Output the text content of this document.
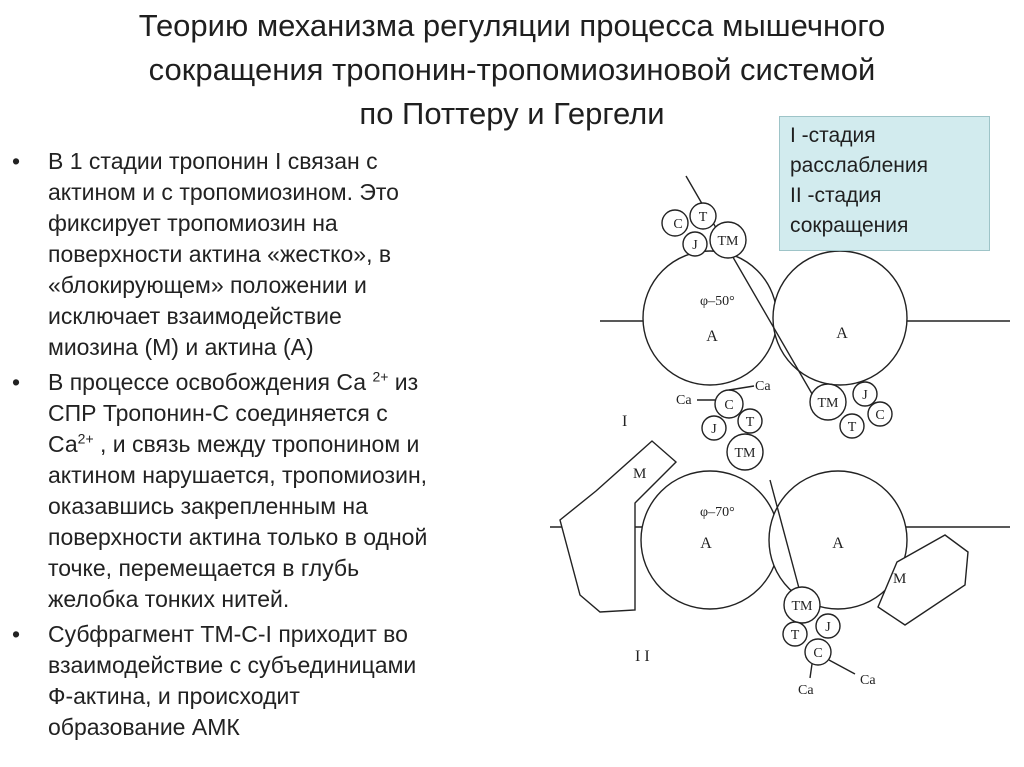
Теорию механизма регуляции процесса мышечного
сокращения тропонин-тропомиозиновой системой
по Поттеру и Гергели
• В 1 стадии тропонин I связан с
актином и с тропомиозином. Это
фиксирует тропомиозин на
поверхности актина «жестко», в
«блокирующем» положении и
исключает взаимодействие
миозина (М) и актина (А)
• В процессе освобождения Са $^{2+}$ из
СПР Тропонин-С соединяется с
$Са^{2+}$ , и связь между тропонином и
актином нарушается, тропомиозин,
оказавшись закрепленным на
поверхности актина только в одной
точке, перемещается в глубь
желобка тонких нитей.
• Субфрагмент ТМ-С-I приходит во
взаимодействие с субъединицами
Ф-актина, и происходит
образование АМК
C T
J TM
φ–50°
A	A
Ca
Ca C
J T
TM
TM
J
C
T
I
M
φ–70°
A	A
M
TM
J
T
C
I I
Ca
Ca
I -стадия
расслабления
II -стадия
сокращения
